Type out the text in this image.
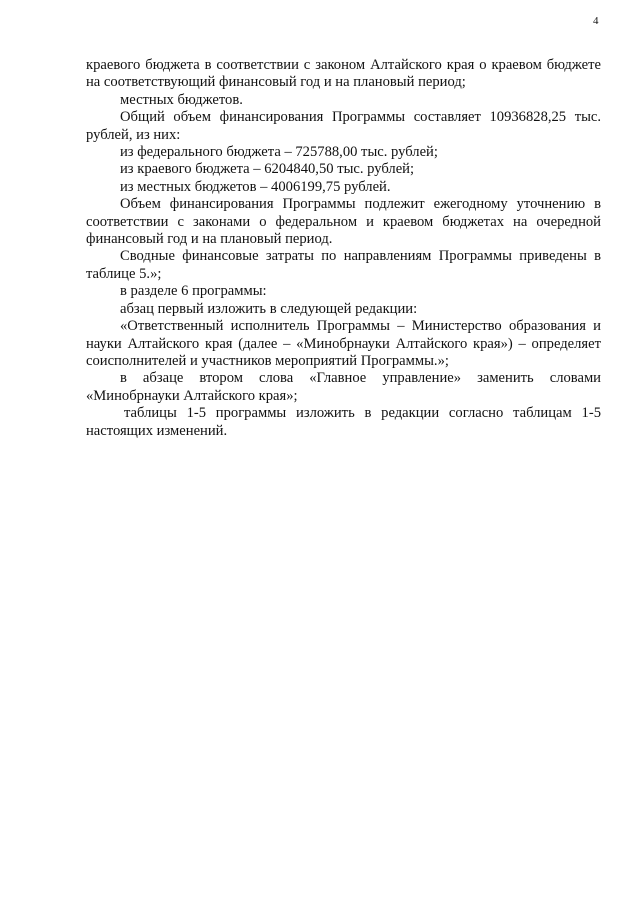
4

краевого бюджета в соответствии с законом Алтайского края о краевом бюджете на соответствующий финансовый год и на плановый период;

местных бюджетов.

Общий объем финансирования Программы составляет 10936828,25 тыс. рублей, из них:

из федерального бюджета – 725788,00 тыс. рублей;

из краевого бюджета – 6204840,50 тыс. рублей;

из местных бюджетов – 4006199,75 рублей.

Объем финансирования Программы подлежит ежегодному уточнению в соответствии с законами о федеральном и краевом бюджетах на очередной финансовый год и на плановый период.

Сводные финансовые затраты по направлениям Программы приведены в таблице 5.»;

в разделе 6 программы:

абзац первый изложить в следующей редакции:

«Ответственный исполнитель Программы – Министерство образования и науки Алтайского края (далее – «Минобрнауки Алтайского края») – определяет соисполнителей и участников мероприятий Программы.»;

в абзаце втором слова «Главное управление» заменить словами «Минобрнауки Алтайского края»;

таблицы 1-5 программы изложить в редакции согласно таблицам 1-5 настоящих изменений.
